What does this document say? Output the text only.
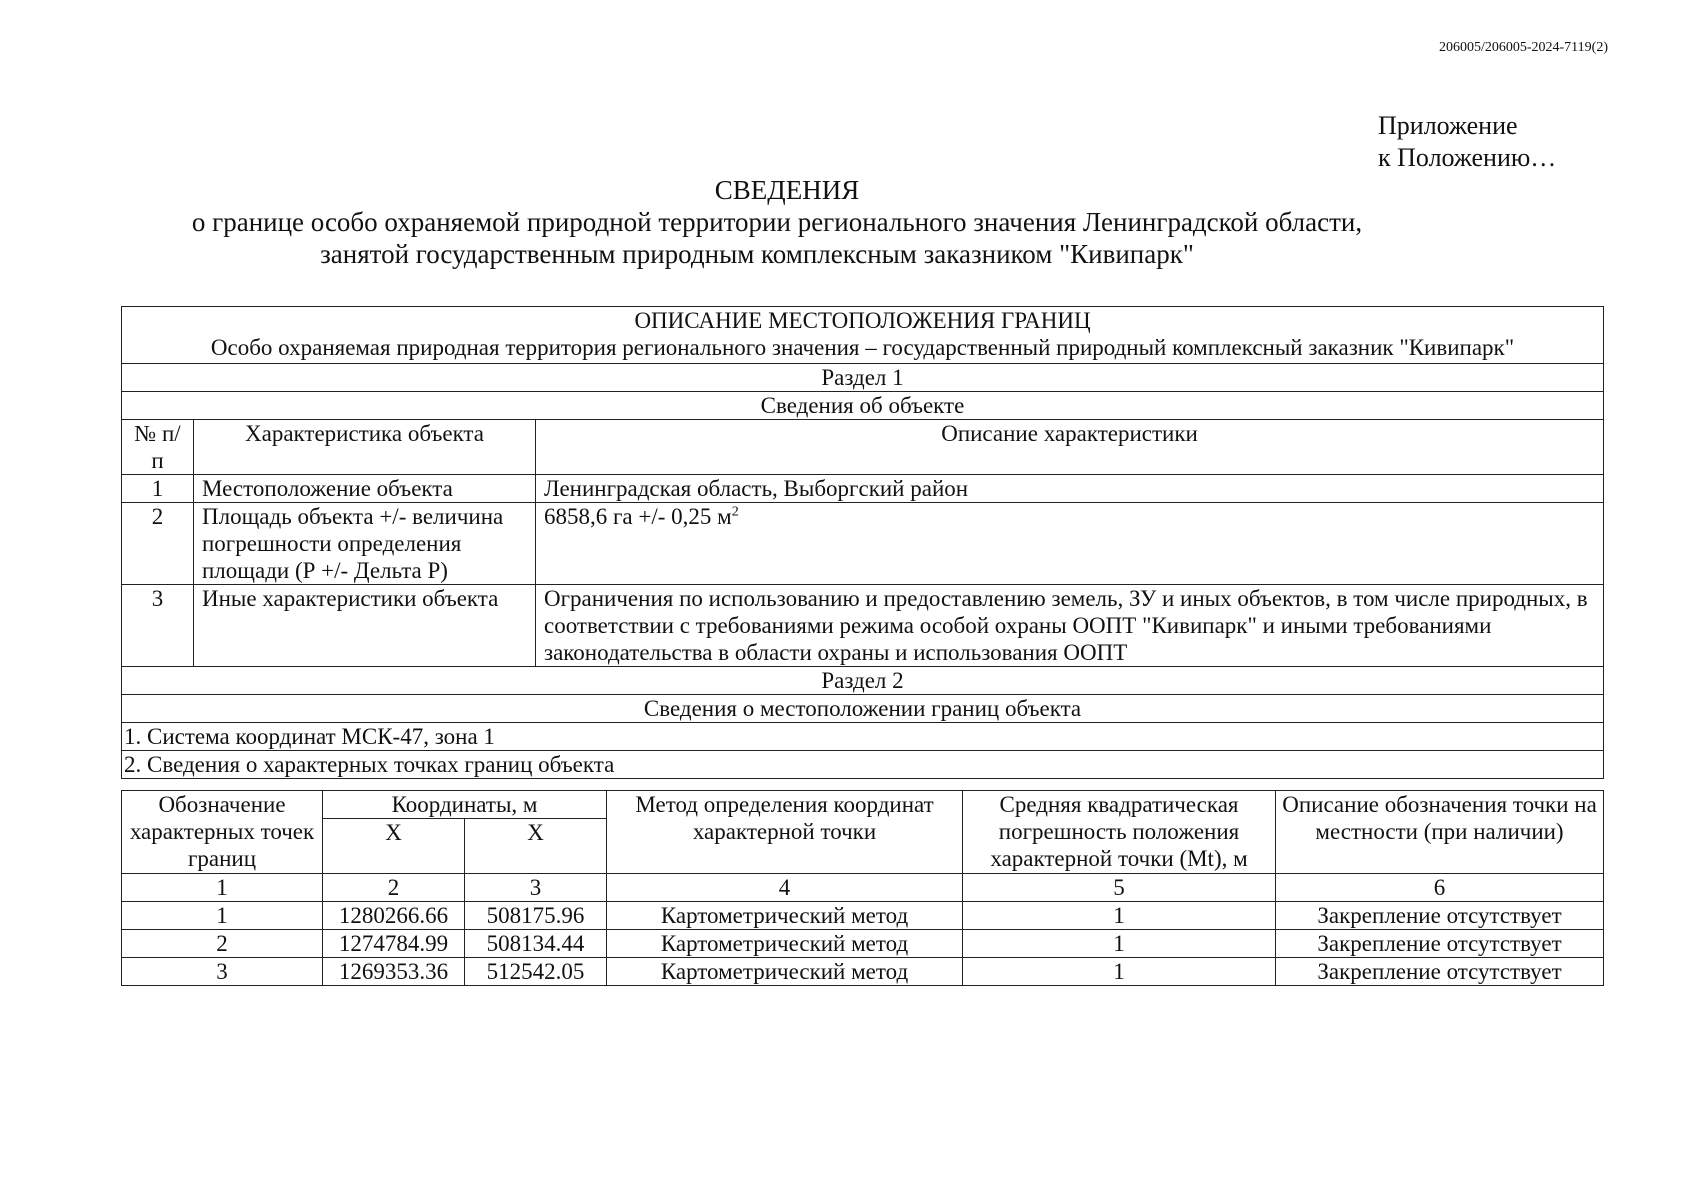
206005/206005-2024-7119(2)
Приложение
к Положению…
СВЕДЕНИЯ
о границе особо охраняемой природной территории регионального значения Ленинградской области,
занятой государственным природным комплексным заказником "Кивипарк"
ОПИСАНИЕ МЕСТОПОЛОЖЕНИЯ ГРАНИЦ
Особо охраняемая природная территория регионального значения – государственный природный комплексный заказник "Кивипарк"		

Раздел 1		
Сведения об объекте		
№ п/п	Характеристика объекта	Описание характеристики
1	Местоположение объекта	Ленинградская область, Выборгский район
2	Площадь объекта +/- величина погрешности определения площади (Р +/- Дельта Р)	6858,6 га +/- 0,25 $м^2$
3	Иные характеристики объекта	Ограничения по использованию и предоставлению земель, ЗУ и иных объектов, в том числе природных, в соответствии с требованиями режима особой охраны ООПТ "Кивипарк" и иными требованиями законодательства в области охраны и использования ООПТ
Раздел 2		
Сведения о местоположении границ объекта		
1. Система координат МСК-47, зона 1		
2. Сведения о характерных точках границ объекта		
Обозначение характерных точек границ	Координаты, м		Метод определения координат характерной точки	Средняя квадратическая погрешность положения характерной точки (Mt), м	Описание обозначения точки на местности (при наличии)
	X	X			
1	2	3	4	5	6
1	1280266.66	508175.96	Картометрический метод	1	Закрепление отсутствует
2	1274784.99	508134.44	Картометрический метод	1	Закрепление отсутствует
3	1269353.36	512542.05	Картометрический метод	1	Закрепление отсутствует
